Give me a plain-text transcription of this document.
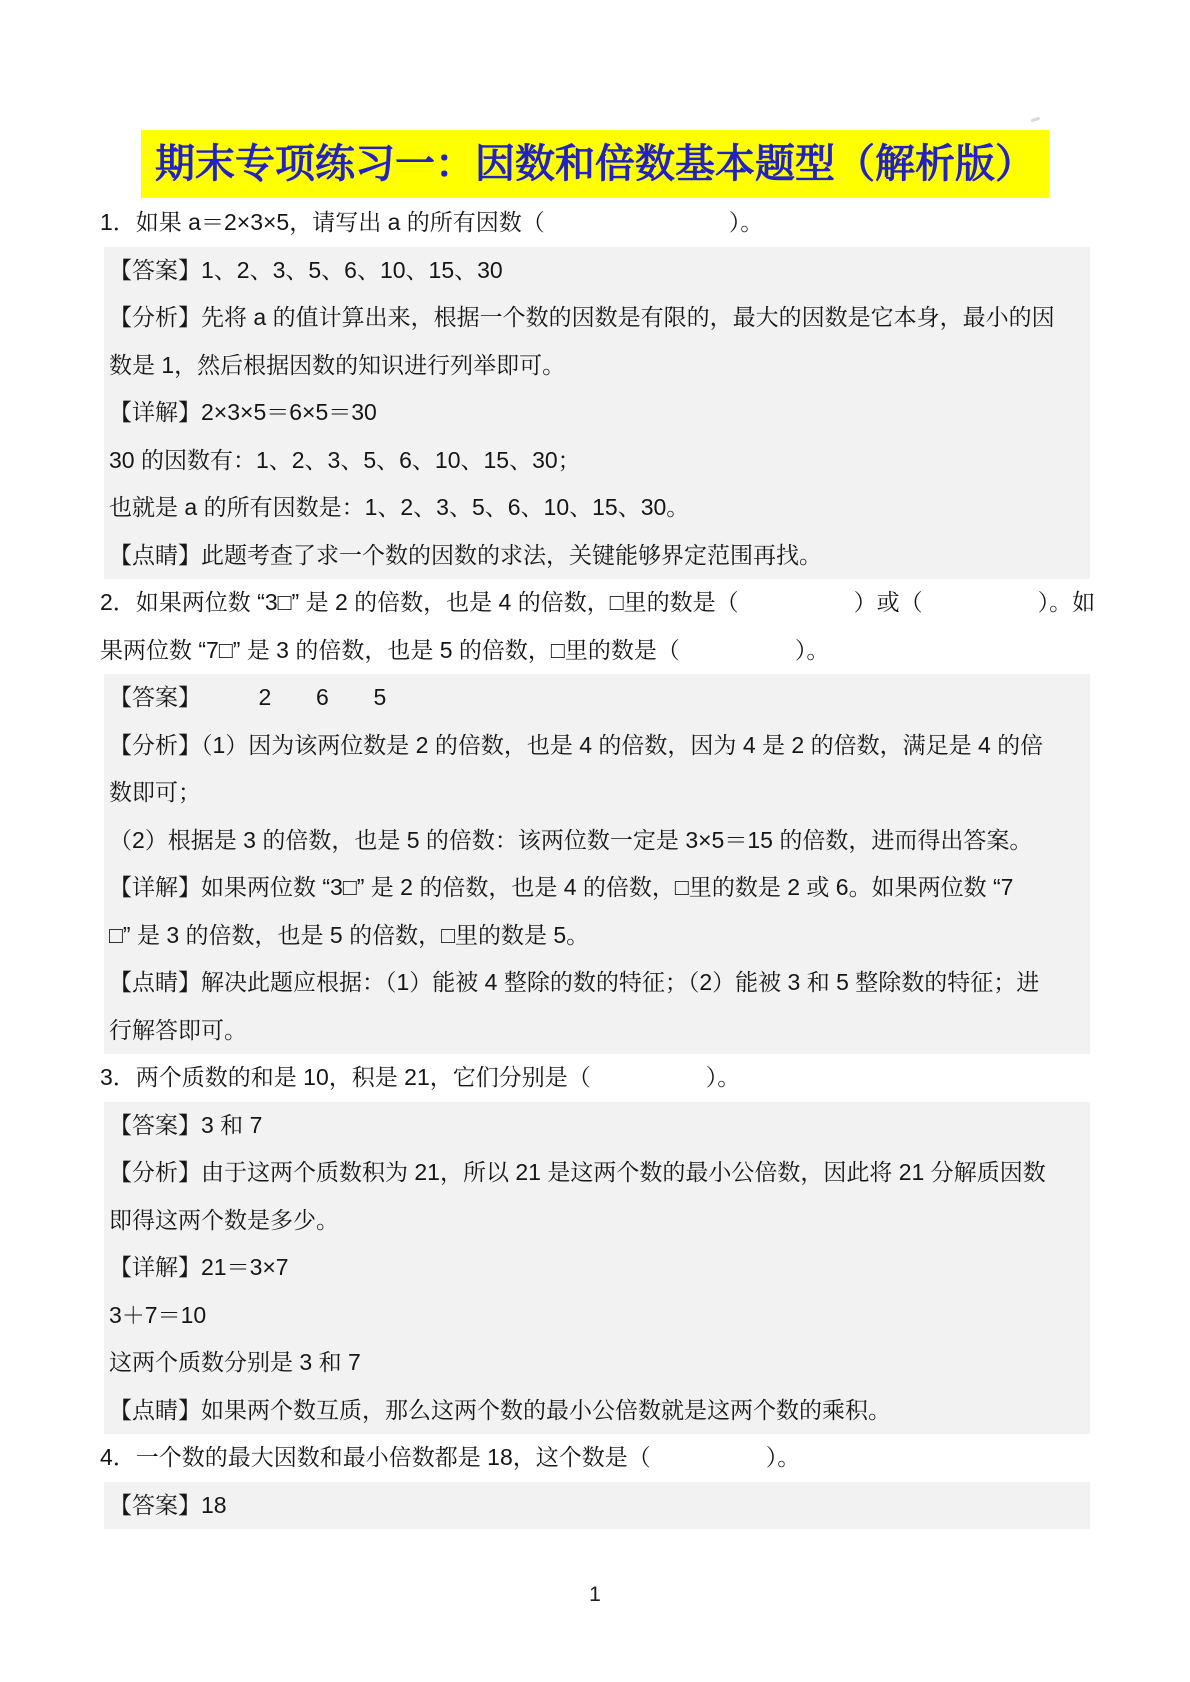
期末专项练习一：因数和倍数基本题型（解析版）

1．如果 a＝2×3×5，请写出 a 的所有因数（　　　　　　　　）。

【答案】1、2、3、5、6、10、15、30

【分析】先将 a 的值计算出来，根据一个数的因数是有限的，最大的因数是它本身，最小的因

数是 1，然后根据因数的知识进行列举即可。

【详解】2×3×5＝6×5＝30

30 的因数有：1、2、3、5、6、10、15、30；

也就是 a 的所有因数是：1、2、3、5、6、10、15、30。

【点睛】此题考查了求一个数的因数的求法，关键能够界定范围再找。

2．如果两位数 “3□” 是 2 的倍数，也是 4 的倍数，□里的数是（　　　　　）或（　　　　　）。如

果两位数 “7□” 是 3 的倍数，也是 5 的倍数，□里的数是（　　　　　）。

【答案】         2       6       5

【分析】（1）因为该两位数是 2 的倍数，也是 4 的倍数，因为 4 是 2 的倍数，满足是 4 的倍

数即可；

（2）根据是 3 的倍数，也是 5 的倍数：该两位数一定是 3×5＝15 的倍数，进而得出答案。

【详解】如果两位数 “3□” 是 2 的倍数，也是 4 的倍数，□里的数是 2 或 6。如果两位数 “7

□” 是 3 的倍数，也是 5 的倍数，□里的数是 5。

【点睛】解决此题应根据：（1）能被 4 整除的数的特征；（2）能被 3 和 5 整除数的特征；进

行解答即可。

3．两个质数的和是 10，积是 21，它们分别是（　　　　　）。

【答案】3 和 7

【分析】由于这两个质数积为 21，所以 21 是这两个数的最小公倍数，因此将 21 分解质因数

即得这两个数是多少。

【详解】21＝3×7

3＋7＝10

这两个质数分别是 3 和 7

【点睛】如果两个数互质，那么这两个数的最小公倍数就是这两个数的乘积。

4．一个数的最大因数和最小倍数都是 18，这个数是（　　　　　）。

【答案】18

1
